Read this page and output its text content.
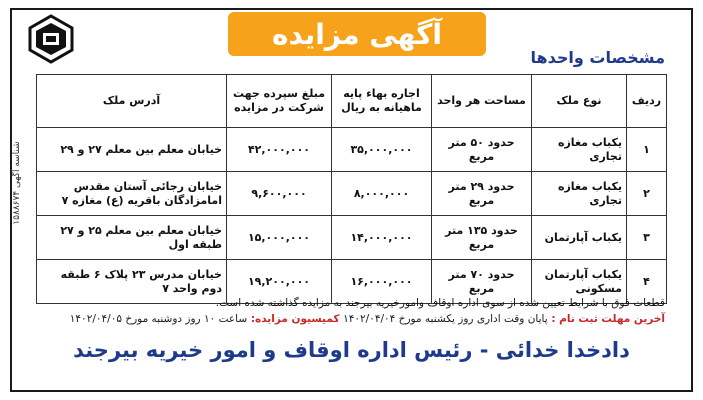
آگهی مزایده
مشخصات واحدها
شناسه آگهی ۱۵۸۸۶۷۴
ردیف	نوع ملک	مساحت هر واحد	اجاره بهاء پایه ماهیانه به ریال	مبلغ سپرده جهت شرکت در مزایده	آدرس ملک
۱	یکباب مغازه تجاری	حدود ۵۰ متر مربع	۳۵,۰۰۰,۰۰۰	۴۲,۰۰۰,۰۰۰	خیابان معلم بین معلم ۲۷ و ۲۹
۲	یکباب مغازه تجاری	حدود ۲۹ متر مربع	۸,۰۰۰,۰۰۰	۹,۶۰۰,۰۰۰	خیابان رجائی آستان مقدس امامزادگان باقریه (ع) مغازه ۷
۳	یکباب آپارتمان	حدود ۱۳۵ متر مربع	۱۴,۰۰۰,۰۰۰	۱۵,۰۰۰,۰۰۰	خیابان معلم بین معلم ۲۵ و ۲۷ طبقه اول
۴	یکباب آپارتمان مسکونی	حدود ۷۰ متر مربع	۱۶,۰۰۰,۰۰۰	۱۹,۲۰۰,۰۰۰	خیابان مدرس ۲۳ پلاک ۶ طبقه دوم واحد ۷
قطعات فوق با شرایط تعیین شده از سوی اداره اوقاف وامورخیریه بیرجند به مزایده گذاشته شده است.
آخرین مهلت ثبت نام : پایان وقت اداری روز یکشنبه مورخ ۱۴۰۲/۰۴/۰۴ کمیسیون مزایده: ساعت ۱۰ روز دوشنبه مورخ ۱۴۰۲/۰۴/۰۵
دادخدا خدائی - رئیس اداره اوقاف و امور خیریه بیرجند
